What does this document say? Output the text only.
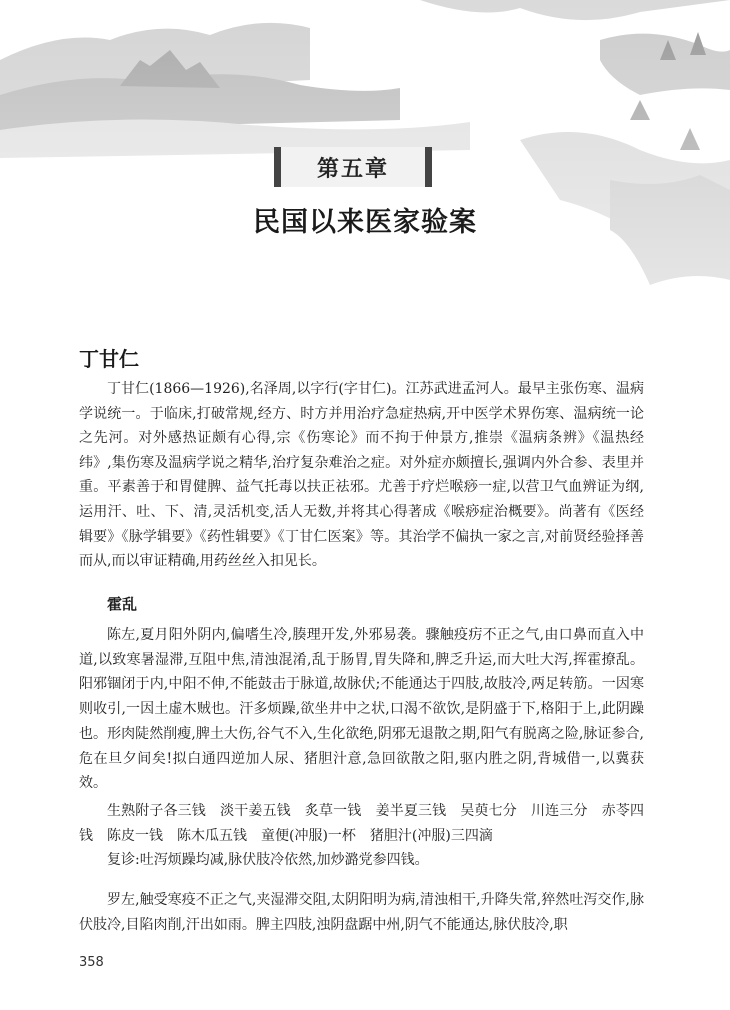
第五章
民国以来医家验案
丁甘仁

丁甘仁(1866—1926),名泽周,以字行(字甘仁)。江苏武进孟河人。最早主张伤寒、温病学说统一。于临床,打破常规,经方、时方并用治疗急症热病,开中医学术界伤寒、温病统一论之先河。对外感热证颇有心得,宗《伤寒论》而不拘于仲景方,推崇《温病条辨》《温热经纬》,集伤寒及温病学说之精华,治疗复杂难治之症。对外症亦颇擅长,强调内外合参、表里并重。平素善于和胃健脾、益气托毒以扶正祛邪。尤善于疗烂喉痧一症,以营卫气血辨证为纲,运用汗、吐、下、清,灵活机变,活人无数,并将其心得著成《喉痧症治概要》。尚著有《医经辑要》《脉学辑要》《药性辑要》《丁甘仁医案》等。其治学不偏执一家之言,对前贤经验择善而从,而以审证精确,用药丝丝入扣见长。

霍乱

陈左,夏月阳外阴内,偏嗜生冷,腠理开发,外邪易袭。骤触疫疠不正之气,由口鼻而直入中道,以致寒暑湿滞,互阻中焦,清浊混淆,乱于肠胃,胃失降和,脾乏升运,而大吐大泻,挥霍撩乱。阳邪锢闭于内,中阳不伸,不能鼓击于脉道,故脉伏;不能通达于四肢,故肢冷,两足转筋。一因寒则收引,一因土虚木贼也。汗多烦躁,欲坐井中之状,口渴不欲饮,是阴盛于下,格阳于上,此阴躁也。形肉陡然削瘦,脾土大伤,谷气不入,生化欲绝,阴邪无退散之期,阳气有脱离之险,脉证参合,危在旦夕间矣!拟白通四逆加人尿、猪胆汁意,急回欲散之阳,驱内胜之阴,背城借一,以冀获效。

生熟附子各三钱　淡干姜五钱　炙草一钱　姜半夏三钱　吴萸七分　川连三分　赤苓四钱　陈皮一钱　陈木瓜五钱　童便(冲服)一杯　猪胆汁(冲服)三四滴

复诊:吐泻烦躁均减,脉伏肢冷依然,加炒潞党参四钱。

罗左,触受寒疫不正之气,夹湿滞交阻,太阴阳明为病,清浊相干,升降失常,猝然吐泻交作,脉伏肢冷,目陷肉削,汗出如雨。脾主四肢,浊阴盘踞中州,阴气不能通达,脉伏肢冷,职

358
